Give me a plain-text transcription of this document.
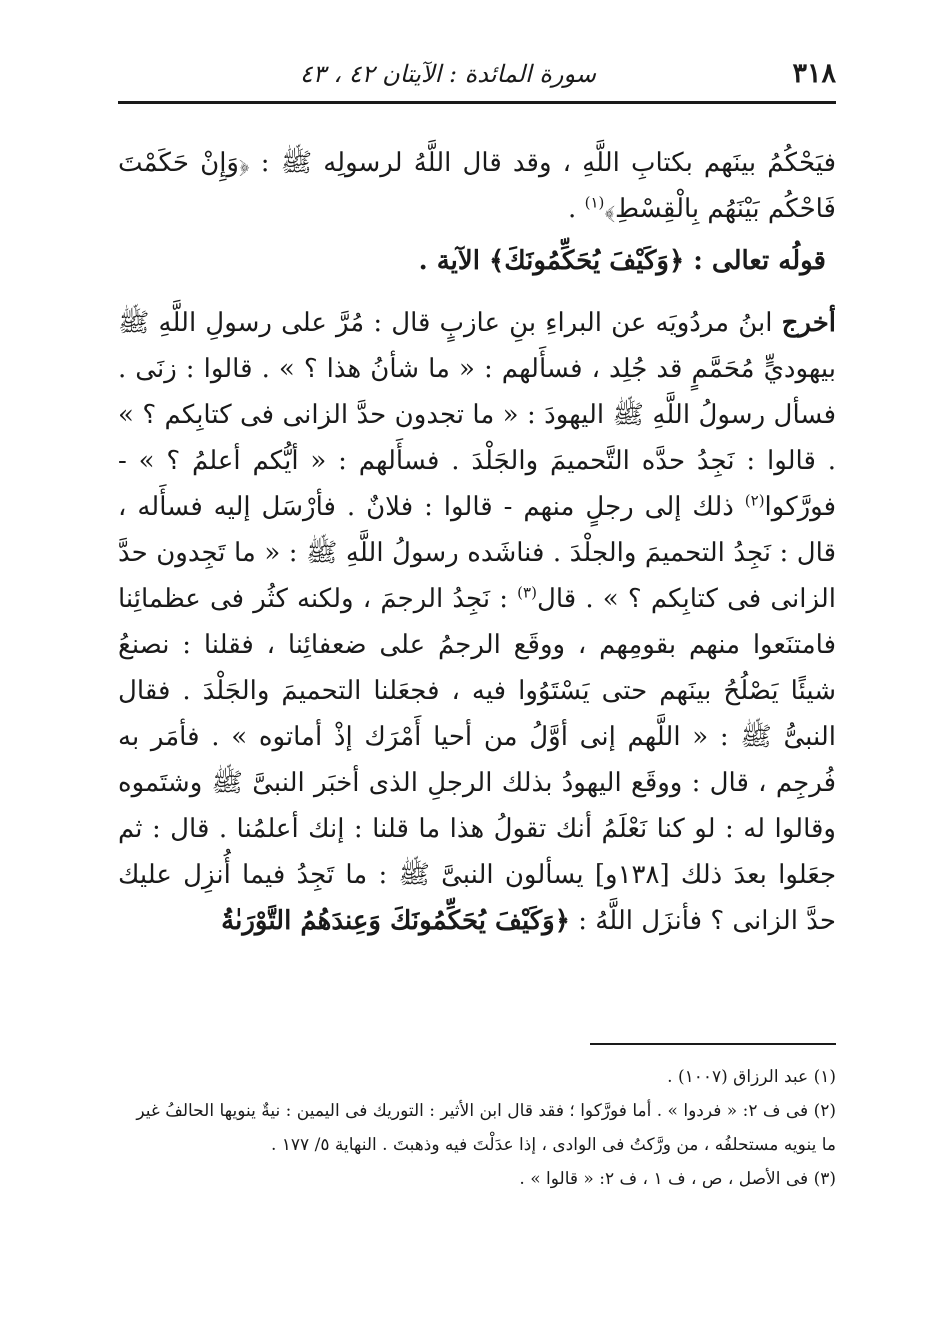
٣١٨
سورة المائدة : الآيتان ٤٢ ، ٤٣

فيَحْكُمُ بينَهم بكتابِ اللَّهِ ، وقد قال اللَّهُ لرسولِه ﷺ : ﴿وَإِنْ حَكَمْتَ فَاحْكُم بَيْنَهُم بِالْقِسْطِ﴾$^{(١)}$ .

قولُه تعالى : ﴿وَكَيْفَ يُحَكِّمُونَكَ﴾ الآية .

أخرج ابنُ مردُويَه عن البراءِ بنِ عازبٍ قال : مُرَّ على رسولِ اللَّهِ ﷺ بيهوديٍّ مُحَمَّمٍ قد جُلِد ، فسأَلهم : « ما شأنُ هذا ؟ » . قالوا : زنَى . فسأل رسولُ اللَّهِ ﷺ اليهودَ : « ما تجدون حدَّ الزانى فى كتابِكم ؟ » . قالوا : نَجِدُ حدَّه التَّحميمَ والجَلْدَ . فسأَلهم : « أيُّكم أعلمُ ؟ » - فورَّكوا$^{(٢)}$ ذلك إلى رجلٍ منهم - قالوا : فلانٌ . فأرْسَل إليه فسأَله ، قال : نَجِدُ التحميمَ والجلْدَ . فناشَده رسولُ اللَّهِ ﷺ : « ما تَجِدون حدَّ الزانى فى كتابِكم ؟ » . قال$^{(٣)}$ : نَجِدُ الرجمَ ، ولكنه كثُر فى عظمائِنا فامتنَعوا منهم بقومِهم ، ووقَع الرجمُ على ضعفائِنا ، فقلنا : نصنعُ شيئًا يَصْلُحُ بينَهم حتى يَسْتَوُوا فيه ، فجعَلنا التحميمَ والجَلْدَ . فقال النبىُّ ﷺ : « اللَّهم إنى أوَّلُ من أحيا أَمْرَك إذْ أماتوه » . فأمَر به فُرجِم ، قال : ووقَع اليهودُ بذلك الرجلِ الذى أخبَر النبىَّ ﷺ وشتَموه وقالوا له : لو كنا نَعْلَمُ أنك تقولُ هذا ما قلنا : إنك أعلمُنا . قال : ثم جعَلوا بعدَ ذلك [١٣٨و] يسألون النبىَّ ﷺ : ما تَجِدُ فيما أُنزِل عليك حدَّ الزانى ؟ فأنزَل اللَّهُ : ﴿وَكَيْفَ يُحَكِّمُونَكَ وَعِندَهُمُ التَّوْرَىٰةُ

(١) عبد الرزاق (١٠٠٧) .

(٢) فى ف ٢: « فردوا » . أما فورَّكوا ؛ فقد قال ابن الأثير : التوريك فى اليمين : نيةٌ ينويها الحالفُ غير ما ينويه مستحلفُه ، من ورَّكتُ فى الوادى ، إذا عدَلْتَ فيه وذهبتَ . النهاية ٥/ ١٧٧ .

(٣) فى الأصل ، ص ، ف ١ ، ف ٢: « قالوا » .
